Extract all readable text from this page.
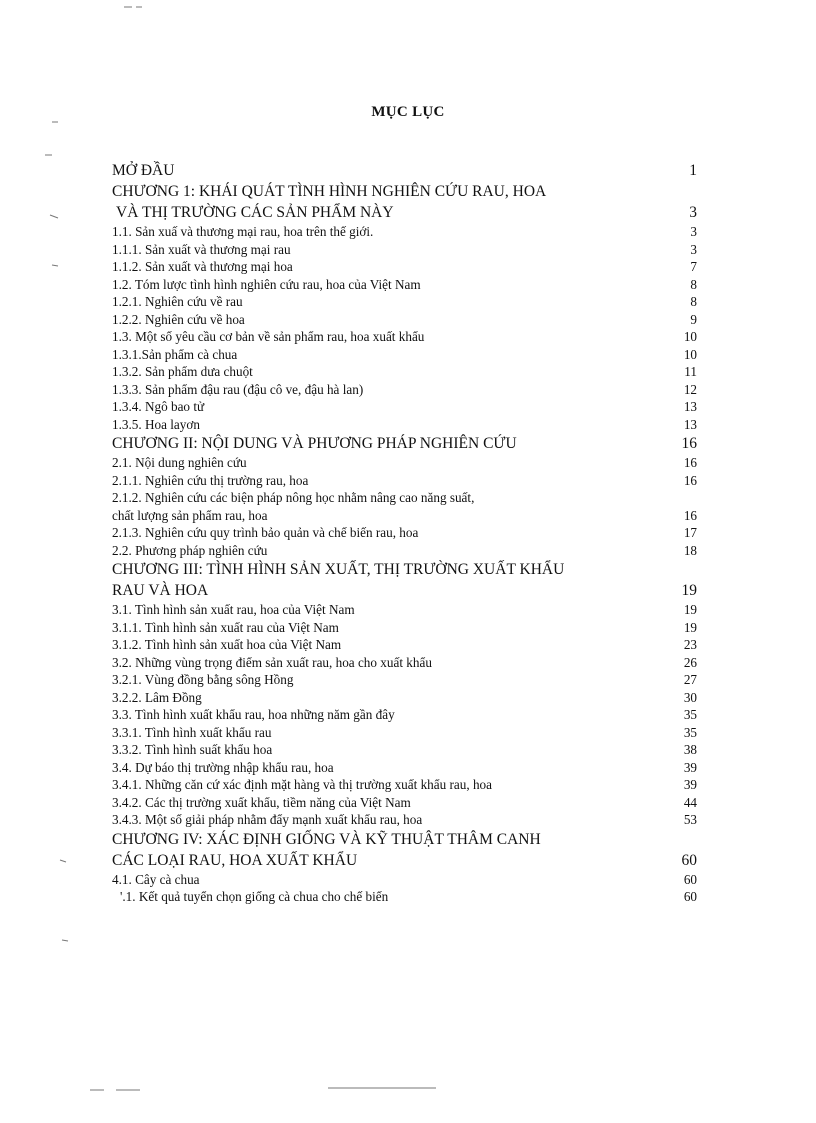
MỤC LỤC
MỞ ĐẦU	1
CHƯƠNG 1: KHÁI QUÁT TÌNH HÌNH NGHIÊN CỨU RAU, HOA
VÀ THỊ TRƯỜNG CÁC SẢN PHẨM NÀY	3
1.1. Sản xuấ và thương mại rau, hoa trên thế giới.	3
1.1.1. Sản xuất và thương mại rau	3
1.1.2. Sản xuất và thương mại hoa	7
1.2. Tóm lược tình hình nghiên cứu rau, hoa của Việt Nam	8
1.2.1. Nghiên cứu về rau	8
1.2.2. Nghiên cứu về hoa	9
1.3. Một số yêu cầu cơ bản về sản phẩm rau, hoa xuất khẩu	10
1.3.1.Sản phẩm cà chua	10
1.3.2. Sản phẩm dưa chuột	11
1.3.3. Sản phẩm đậu rau (đậu cô ve, đậu hà lan)	12
1.3.4. Ngô bao tử	13
1.3.5. Hoa layơn	13
CHƯƠNG II: NỘI DUNG VÀ PHƯƠNG PHÁP NGHIÊN CỨU	16
2.1. Nội dung nghiên cứu	16
2.1.1. Nghiên cứu thị trường rau, hoa	16
2.1.2. Nghiên cứu các biện pháp nông học nhằm nâng cao năng suất,
chất lượng sản phẩm rau, hoa	16
2.1.3. Nghiên cứu quy trình bảo quản và chế biến rau, hoa	17
2.2. Phương pháp nghiên cứu	18
CHƯƠNG III: TÌNH HÌNH SẢN XUẤT, THỊ TRƯỜNG XUẤT KHẨU
RAU VÀ HOA	19
3.1. Tình hình sản xuất rau, hoa của Việt Nam	19
3.1.1. Tình hình sản xuất rau của Việt Nam	19
3.1.2. Tình hình sản xuất hoa của Việt Nam	23
3.2. Những vùng trọng điểm sản xuất rau, hoa cho xuất khẩu	26
3.2.1. Vùng đồng bằng sông Hồng	27
3.2.2. Lâm Đồng	30
3.3. Tình hình xuất khẩu rau, hoa những năm gần đây	35
3.3.1. Tình hình xuất khẩu rau	35
3.3.2. Tình hình suất khẩu hoa	38
3.4. Dự báo thị trường nhập khẩu rau, hoa	39
3.4.1. Những căn cứ xác định mặt hàng và thị trường xuất khẩu rau, hoa	39
3.4.2. Các thị trường xuất khẩu, tiềm năng của Việt Nam	44
3.4.3. Một số giải pháp nhằm đẩy mạnh xuất khẩu rau, hoa	53
CHƯƠNG IV: XÁC ĐỊNH GIỐNG VÀ KỸ THUẬT THÂM CANH
CÁC LOẠI RAU, HOA XUẤT KHẨU	60
4.1. Cây cà chua	60
'.1. Kết quả tuyển chọn giống cà chua cho chế biến	60
